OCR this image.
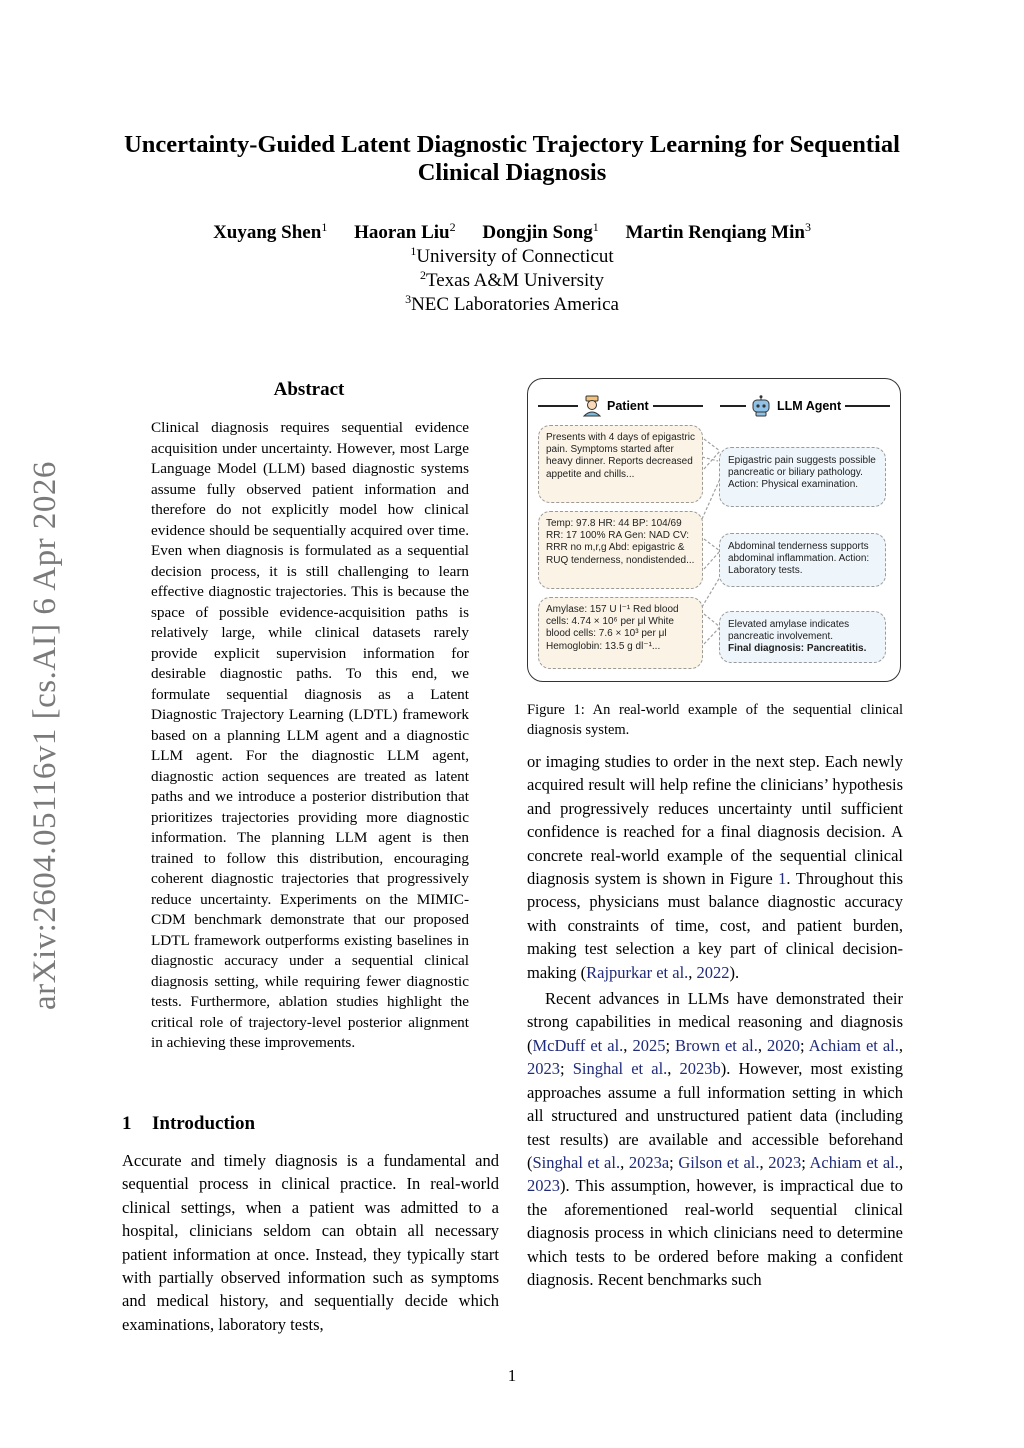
Uncertainty-Guided Latent Diagnostic Trajectory Learning for Sequential Clinical Diagnosis
Xuyang Shen$^1$ Haoran Liu$^2$ Dongjin Song$^1$ Martin Renqiang Min$^3$
$^1$University of Connecticut
$^2$Texas A&M University
$^3$NEC Laboratories America
arXiv:2604.05116v1 [cs.AI] 6 Apr 2026
Abstract
Clinical diagnosis requires sequential evidence acquisition under uncertainty. However, most Large Language Model (LLM) based diagnostic systems assume fully observed patient information and therefore do not explicitly model how clinical evidence should be sequentially acquired over time. Even when diagnosis is formulated as a sequential decision process, it is still challenging to learn effective diagnostic trajectories. This is because the space of possible evidence-acquisition paths is relatively large, while clinical datasets rarely provide explicit supervision information for desirable diagnostic paths. To this end, we formulate sequential diagnosis as a Latent Diagnostic Trajectory Learning (LDTL) framework based on a planning LLM agent and a diagnostic LLM agent. For the diagnostic LLM agent, diagnostic action sequences are treated as latent paths and we introduce a posterior distribution that prioritizes trajectories providing more diagnostic information. The planning LLM agent is then trained to follow this distribution, encouraging coherent diagnostic trajectories that progressively reduce uncertainty. Experiments on the MIMIC-CDM benchmark demonstrate that our proposed LDTL framework outperforms existing baselines in diagnostic accuracy under a sequential clinical diagnosis setting, while requiring fewer diagnostic tests. Furthermore, ablation studies highlight the critical role of trajectory-level posterior alignment in achieving these improvements.
1 Introduction
Accurate and timely diagnosis is a fundamental and sequential process in clinical practice. In real-world clinical settings, when a patient was admitted to a hospital, clinicians seldom can obtain all necessary patient information at once. Instead, they typically start with partially observed information such as symptoms and medical history, and sequentially decide which examinations, laboratory tests,
Patient	LLM Agent
Presents with 4 days of epigastric pain. Symptoms started after heavy dinner. Reports decreased appetite and chills...
Temp: 97.8 HR: 44 BP: 104/69 RR: 17 100% RA Gen: NAD CV: RRR no m,r,g Abd: epigastric & RUQ tenderness, nondistended...
Amylase: 157 U l⁻¹ Red blood cells: 4.74 × 10⁶ per μl White blood cells: 7.6 × 10³ per μl Hemoglobin: 13.5 g dl⁻¹...
Epigastric pain suggests possible pancreatic or biliary pathology. Action: Physical examination.
Abdominal tenderness supports abdominal inflammation. Action: Laboratory tests.
Elevated amylase indicates pancreatic involvement.
Final diagnosis: Pancreatitis.
Figure 1: An real-world example of the sequential clinical diagnosis system.

or imaging studies to order in the next step. Each newly acquired result will help refine the clinicians’ hypothesis and progressively reduces uncertainty until sufficient confidence is reached for a final diagnosis decision. A concrete real-world example of the sequential clinical diagnosis system is shown in Figure 1. Throughout this process, physicians must balance diagnostic accuracy with constraints of time, cost, and patient burden, making test selection a key part of clinical decision-making (Rajpurkar et al., 2022).

Recent advances in LLMs have demonstrated their strong capabilities in medical reasoning and diagnosis (McDuff et al., 2025; Brown et al., 2020; Achiam et al., 2023; Singhal et al., 2023b). However, most existing approaches assume a full information setting in which all structured and unstructured patient data (including test results) are available and accessible beforehand (Singhal et al., 2023a; Gilson et al., 2023; Achiam et al., 2023). This assumption, however, is impractical due to the aforementioned real-world sequential clinical diagnosis process in which clinicians need to determine which tests to be ordered before making a confident diagnosis. Recent benchmarks such

1
